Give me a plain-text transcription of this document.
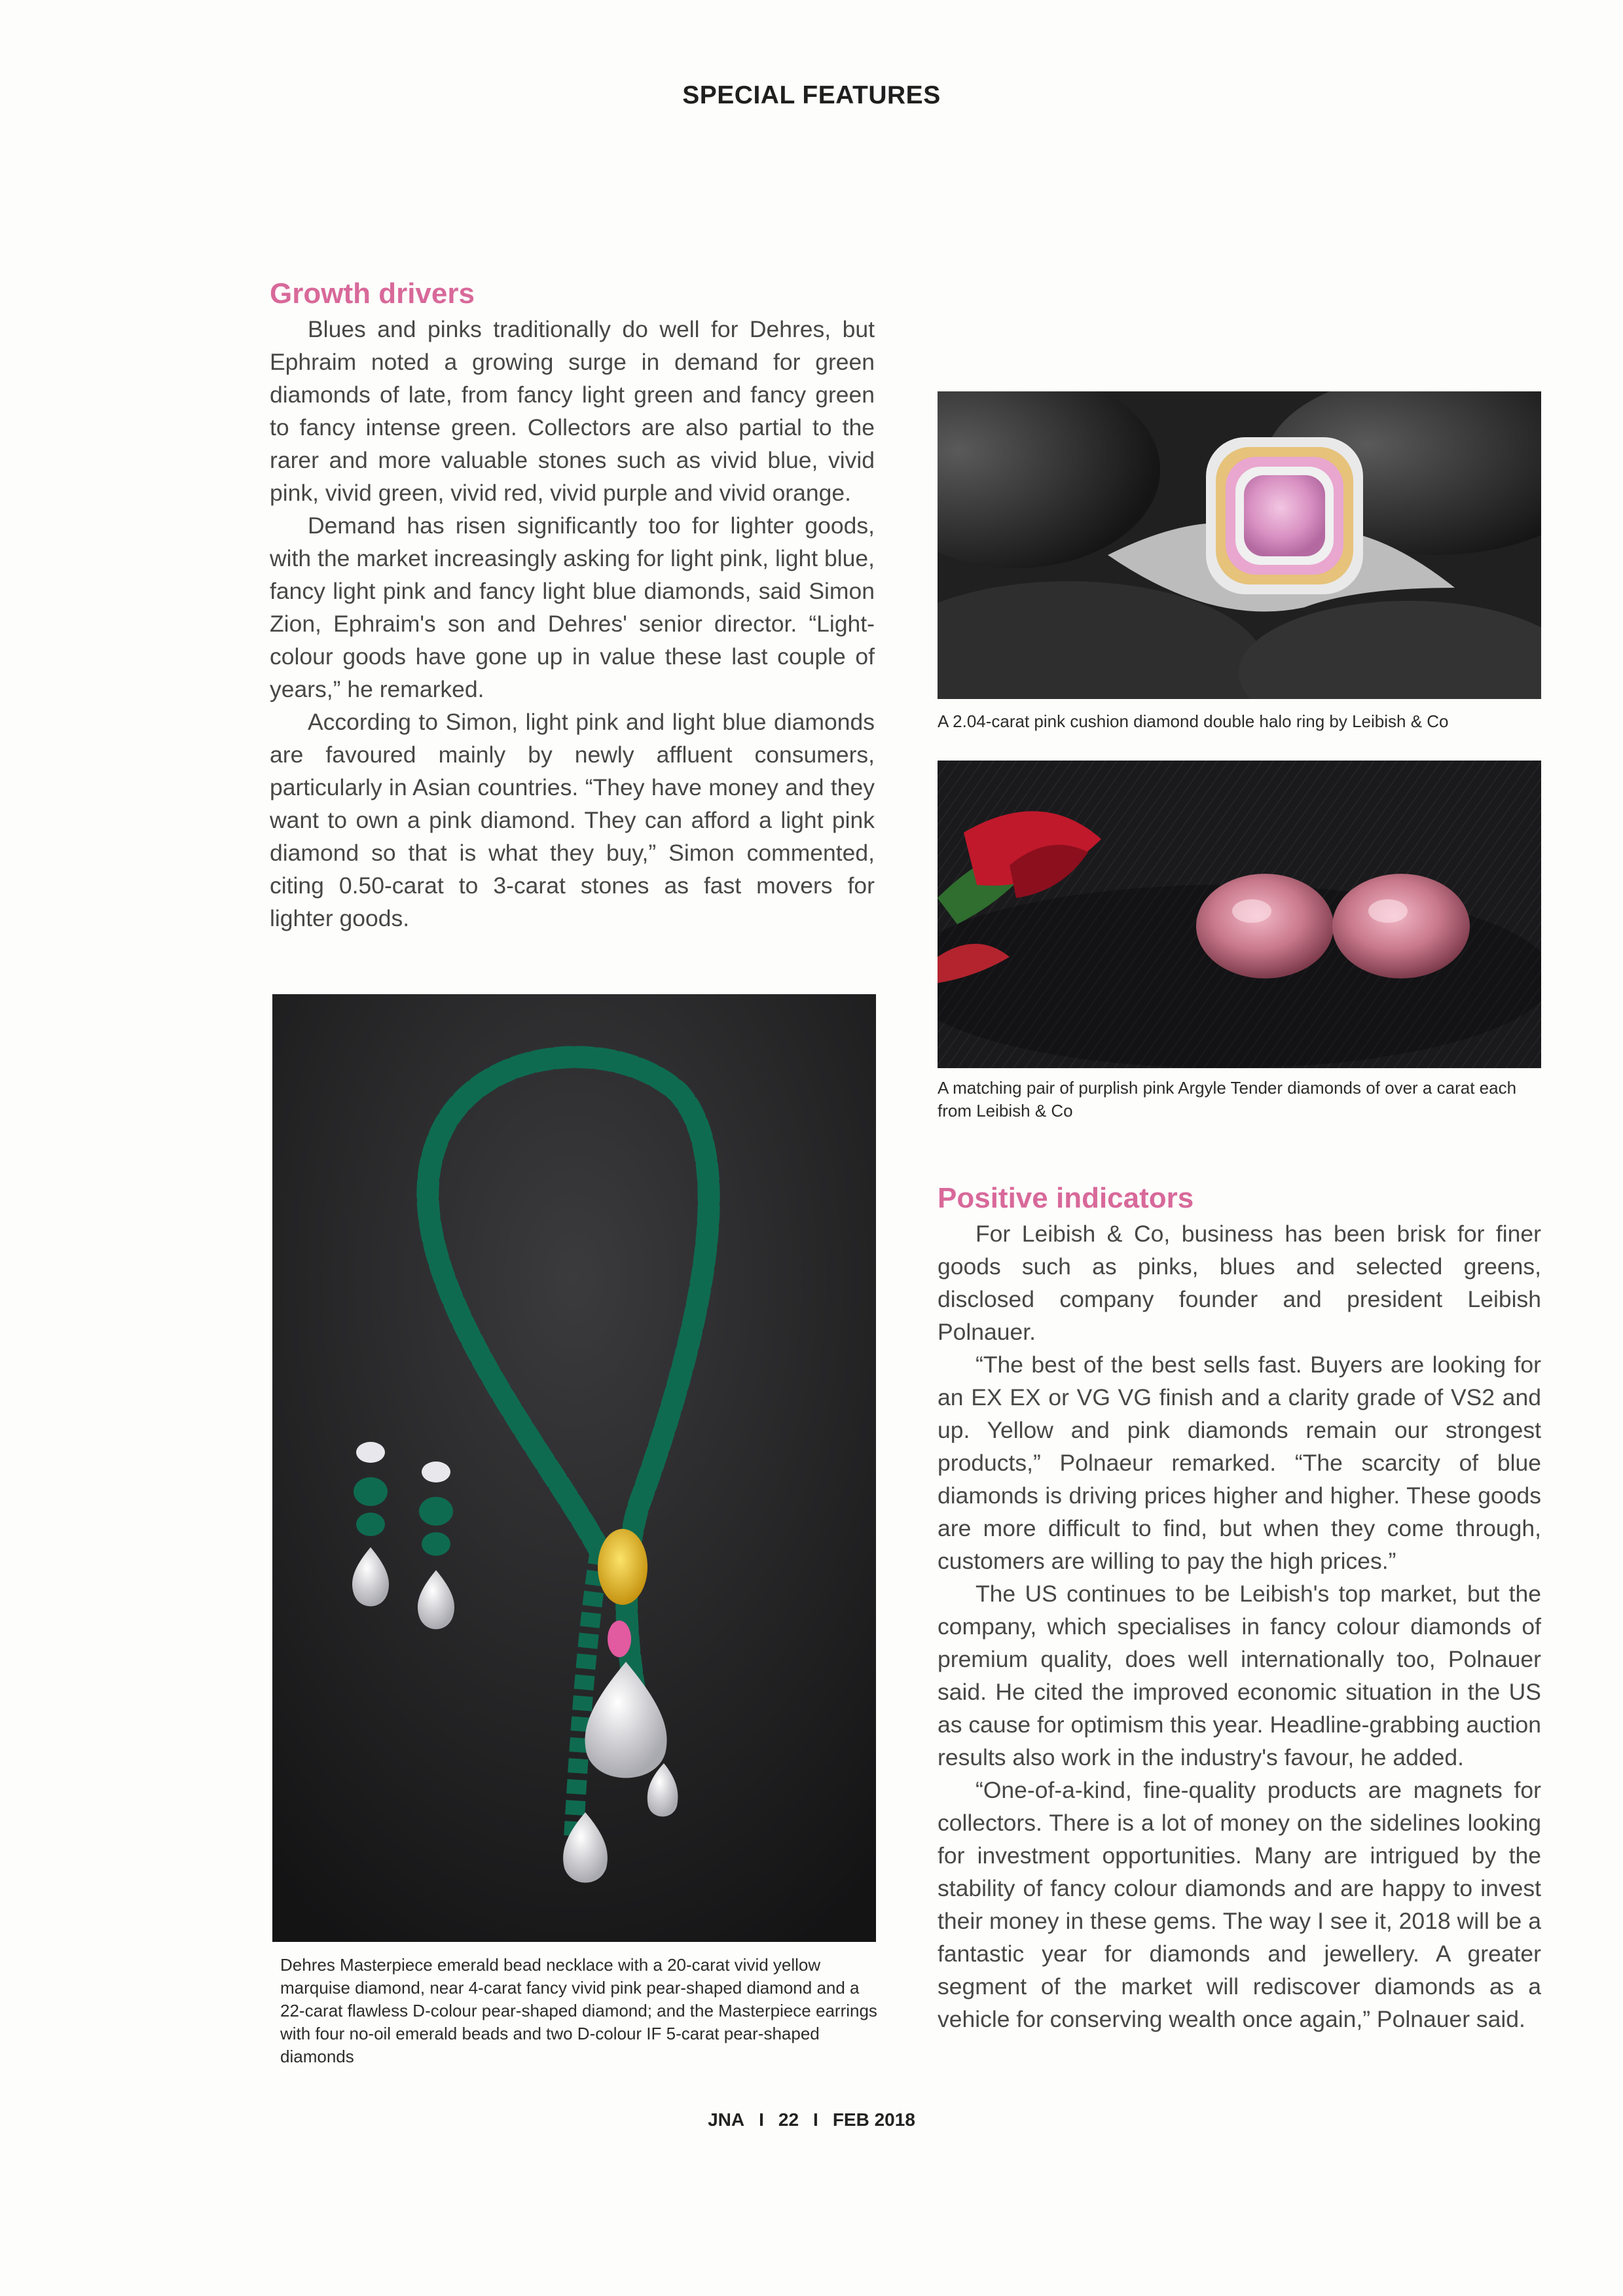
SPECIAL FEATURES
Growth drivers

Blues and pinks traditionally do well for Dehres, but Ephraim noted a growing surge in demand for green diamonds of late, from fancy light green and fancy green to fancy intense green. Collectors are also partial to the rarer and more valuable stones such as vivid blue, vivid pink, vivid green, vivid red, vivid purple and vivid orange.

Demand has risen significantly too for lighter goods, with the market increasingly asking for light pink, light blue, fancy light pink and fancy light blue diamonds, said Simon Zion, Ephraim's son and Dehres' senior director. “Light-colour goods have gone up in value these last couple of years,” he remarked.

According to Simon, light pink and light blue diamonds are favoured mainly by newly affluent consumers, particularly in Asian countries. “They have money and they want to own a pink diamond. They can afford a light pink diamond so that is what they buy,” Simon commented, citing 0.50-carat to 3-carat stones as fast movers for lighter goods.

A 2.04-carat pink cushion diamond double halo ring by Leibish & Co
A matching pair of purplish pink Argyle Tender diamonds of over a carat each from Leibish & Co
Dehres Masterpiece emerald bead necklace with a 20-carat vivid yellow marquise diamond, near 4-carat fancy vivid pink pear-shaped diamond and a 22-carat flawless D-colour pear-shaped diamond; and the Masterpiece earrings with four no-oil emerald beads and two D-colour IF 5-carat pear-shaped diamonds
Positive indicators

For Leibish & Co, business has been brisk for finer goods such as pinks, blues and selected greens, disclosed company founder and president Leibish Polnauer.

“The best of the best sells fast. Buyers are looking for an EX EX or VG VG finish and a clarity grade of VS2 and up. Yellow and pink diamonds remain our strongest products,” Polnaeur remarked. “The scarcity of blue diamonds is driving prices higher and higher. These goods are more difficult to find, but when they come through, customers are willing to pay the high prices.”

The US continues to be Leibish's top market, but the company, which specialises in fancy colour diamonds of premium quality, does well internationally too, Polnauer said. He cited the improved economic situation in the US as cause for optimism this year. Headline-grabbing auction results also work in the industry's favour, he added.

“One-of-a-kind, fine-quality products are magnets for collectors. There is a lot of money on the sidelines looking for investment opportunities. Many are intrigued by the stability of fancy colour diamonds and are happy to invest their money in these gems. The way I see it, 2018 will be a fantastic year for diamonds and jewellery. A greater segment of the market will rediscover diamonds as a vehicle for conserving wealth once again,” Polnauer said.

JNA I 22 I FEB 2018
